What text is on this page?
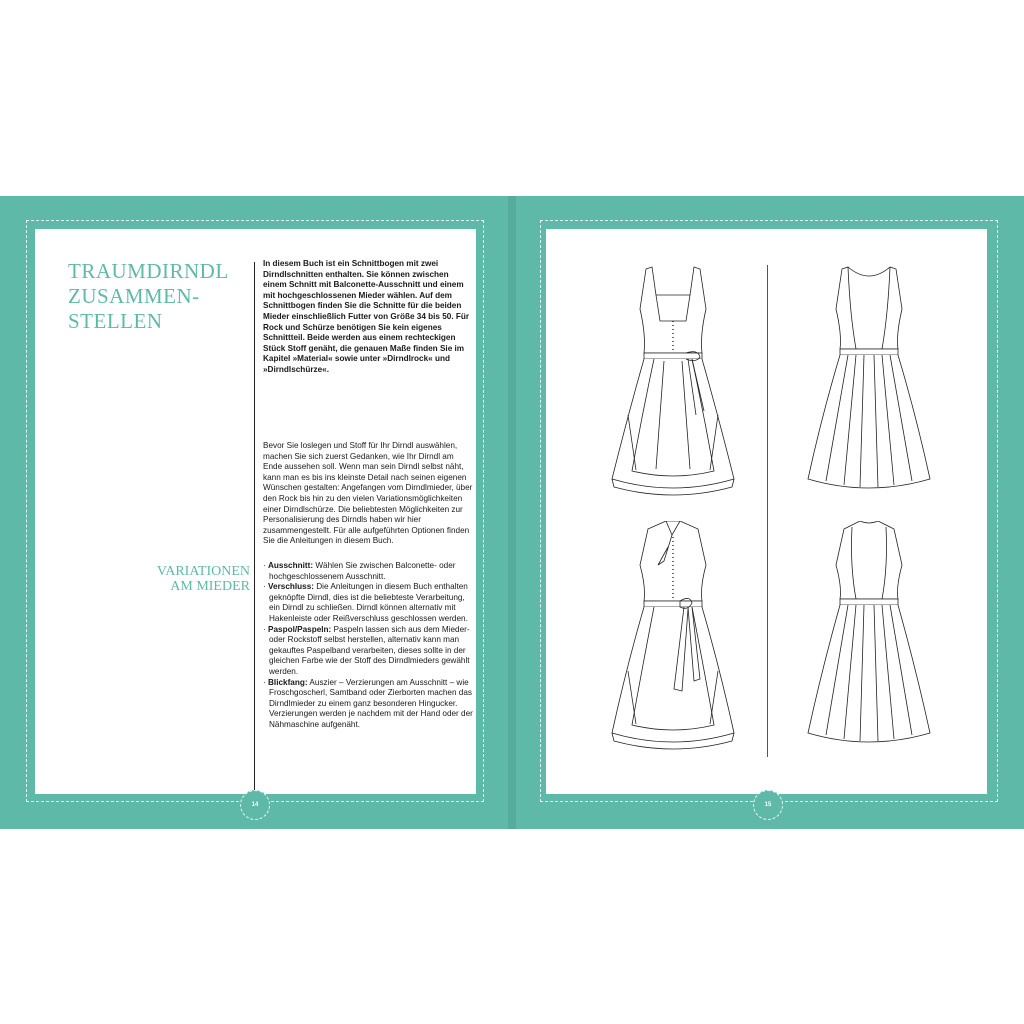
TRAUMDIRNDL ZUSAMMEN-STELLEN
In diesem Buch ist ein Schnittbogen mit zwei Dirndlschnitten enthalten. Sie können zwischen einem Schnitt mit Balconette-Ausschnitt und einem mit hochgeschlossenen Mieder wählen. Auf dem Schnittbogen finden Sie die Schnitte für die beiden Mieder einschließlich Futter von Größe 34 bis 50. Für Rock und Schürze benötigen Sie kein eigenes Schnittteil. Beide werden aus einem rechteckigen Stück Stoff genäht, die genauen Maße finden Sie im Kapitel »Material« sowie unter »Dirndlrock« und »Dirndlschürze«.
Bevor Sie loslegen und Stoff für Ihr Dirndl auswählen, machen Sie sich zuerst Gedanken, wie Ihr Dirndl am Ende aussehen soll. Wenn man sein Dirndl selbst näht, kann man es bis ins kleinste Detail nach seinen eigenen Wünschen gestalten: Angefangen vom Dirndlmieder, über den Rock bis hin zu den vielen Variationsmöglichkeiten einer Dirndlschürze. Die beliebtesten Möglichkeiten zur Personalisierung des Dirndls haben wir hier zusammengestellt. Für alle aufgeführten Optionen finden Sie die Anleitungen in diesem Buch.
VARIATIONEN AM MIEDER

· Ausschnitt: Wählen Sie zwischen Balconette- oder hochgeschlossenem Ausschnitt.

· Verschluss: Die Anleitungen in diesem Buch enthalten geknöpfte Dirndl, dies ist die beliebteste Verarbeitung, ein Dirndl zu schließen. Dirndl können alternativ mit Hakenleiste oder Reißverschluss geschlossen werden.

· Paspol/Paspeln: Paspeln lassen sich aus dem Mieder- oder Rockstoff selbst herstellen, alternativ kann man gekauftes Paspelband verarbeiten, dieses sollte in der gleichen Farbe wie der Stoff des Dirndlmieders gewählt werden.

· Blickfang: Auszier – Verzierungen am Ausschnitt – wie Froschgoscherl, Samtband oder Zierborten machen das Dirndlmieder zu einem ganz besonderen Hingucker. Verzierungen werden je nachdem mit der Hand oder der Nähmaschine aufgenäht.

14	15
